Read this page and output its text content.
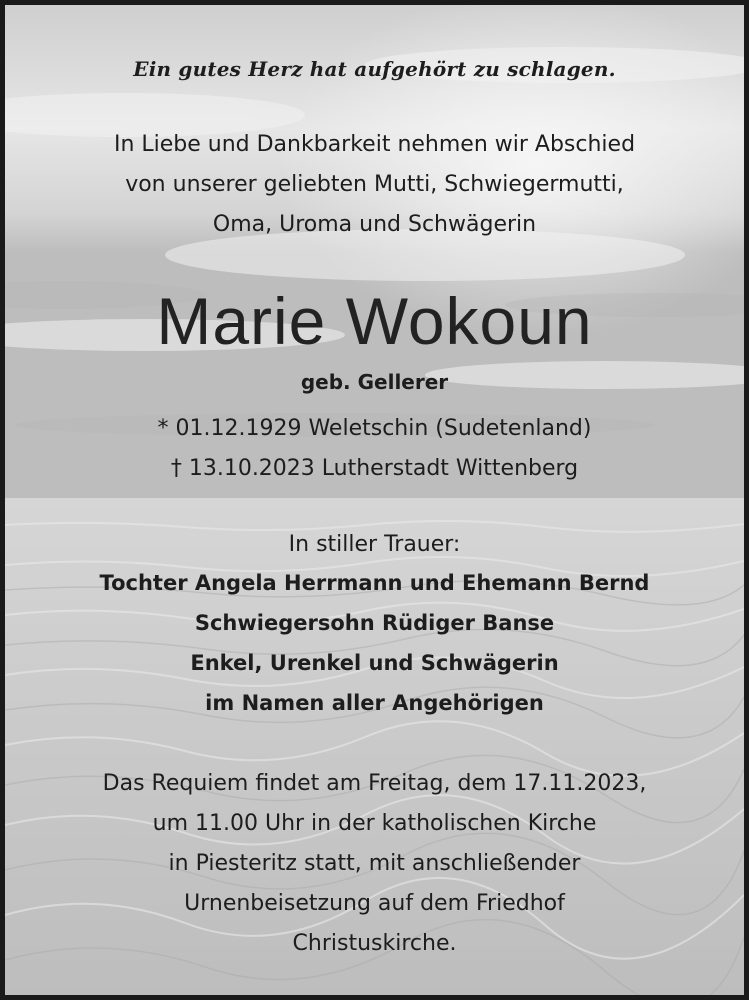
Ein gutes Herz hat aufgehört zu schlagen.
In Liebe und Dankbarkeit nehmen wir Abschied
von unserer geliebten Mutti, Schwiegermutti,
Oma, Uroma und Schwägerin
Marie Wokoun
geb. Gellerer
* 01.12.1929 Weletschin (Sudetenland)
† 13.10.2023 Lutherstadt Wittenberg
In stiller Trauer:
Tochter Angela Herrmann und Ehemann Bernd
Schwiegersohn Rüdiger Banse
Enkel, Urenkel und Schwägerin
im Namen aller Angehörigen
Das Requiem findet am Freitag, dem 17.11.2023,
um 11.00 Uhr in der katholischen Kirche
in Piesteritz statt, mit anschließender
Urnenbeisetzung auf dem Friedhof
Christuskirche.
